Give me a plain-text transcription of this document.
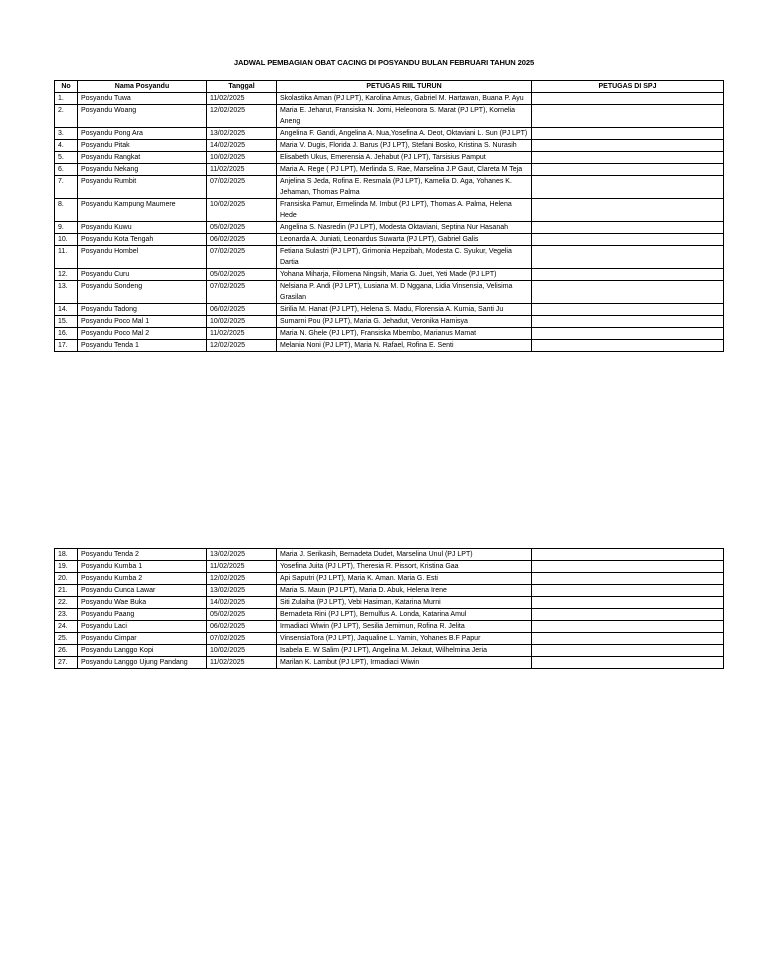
JADWAL PEMBAGIAN OBAT CACING DI POSYANDU BULAN FEBRUARI TAHUN 2025
No	Nama Posyandu	Tanggal	PETUGAS RIIL TURUN	PETUGAS DI SPJ
1.	Posyandu Tuwa	11/02/2025	Skolastika Aman (PJ LPT), Karolina Amus, Gabriel M. Hartawan, Buana P. Ayu	
2.	Posyandu Woang	12/02/2025	Maria E. Jeharut, Fransiska N. Jomi, Heleonora S. Marat (PJ LPT), Kornelia Aneng	
3.	Posyandu Pong Ara	13/02/2025	Angelina F. Gandi, Angelina A. Nua,Yosefina A. Deot, Oktaviani L. Sun (PJ LPT)	
4.	Posyandu Pitak	14/02/2025	Maria V. Dugis, Florida J. Barus (PJ LPT), Stefani Bosko, Kristina S. Nurasih	
5.	Posyandu Rangkat	10/02/2025	Elisabeth Ukus, Emerensia A. Jehabut (PJ LPT), Tarsisius Pamput	
6.	Posyandu Nekang	11/02/2025	Maria A. Rege ( PJ LPT), Merlinda S. Rae, Marselina J.P Gaut, Clareta M Teja	
7.	Posyandu Rumbit	07/02/2025	Anjelina S Jeda, Rofina E. Resmala (PJ LPT), Kamelia D. Aga, Yohanes K. Jehaman, Thomas Palma	
8.	Posyandu Kampung Maumere	10/02/2025	Fransiska Pamur, Ermelinda M. Imbut (PJ LPT), Thomas A. Palma, Helena Hede	
9.	Posyandu Kuwu	05/02/2025	Angelina S. Nasredin (PJ LPT), Modesta Oktaviani, Septina Nur Hasanah	
10.	Posyandu Kota Tengah	06/02/2025	Leonarda A. Juniati, Leonardus Suwarta (PJ LPT), Gabriel Galis	
11.	Posyandu Hombel	07/02/2025	Fetiana Sulastri (PJ LPT), Grimonia Hepzibah, Modesta C. Syukur, Vegelia Dartia	
12.	Posyandu Curu	05/02/2025	Yohana Miharja, Filomena Ningsih, Maria G. Juet, Yeti Made (PJ LPT)	
13.	Posyandu Sondeng	07/02/2025	Nelsiana P. Andi (PJ LPT), Lusiana M. D Nggana, Lidia Vinsensia, Velisima Grasilan	
14.	Posyandu Tadong	06/02/2025	Sirilia M. Hanat (PJ LPT), Helena S. Madu, Florensia A. Kurnia, Santi Ju	
15.	Posyandu Poco Mal 1	10/02/2025	Sumarni Pou (PJ LPT), Maria G. Jehadut, Veronika Hamisya	
16.	Posyandu Poco Mal 2	11/02/2025	Maria N. Ghele (PJ LPT), Fransiska Mbembo, Marianus Mamat	
17.	Posyandu Tenda 1	12/02/2025	Melania Noni (PJ LPT), Maria N. Rafael, Rofina E. Senti	
18.	Posyandu Tenda 2	13/02/2025	Maria J. Serikasih, Bernadeta Dudet, Marselina Unul (PJ LPT)	
19.	Posyandu Kumba 1	11/02/2025	Yosefina Juita (PJ LPT), Theresia R. Pissort, Kristina Gaa	
20.	Posyandu Kumba 2	12/02/2025	Api Saputri (PJ LPT), Maria K. Aman. Maria G. Esti	
21.	Posyandu Cunca Lawar	13/02/2025	Maria S. Maun (PJ LPT), Maria D. Abuk, Helena Irene	
22.	Posyandu Wae Buka	14/02/2025	Siti Zulaiha (PJ LPT), Vebi Hasiman, Katarina Murni	
23.	Posyandu Paang	05/02/2025	Bernadeta Rini (PJ LPT), Bernulfus A. Londa, Katarina Amul	
24.	Posyandu Laci	06/02/2025	Irmadiaci Wiwin (PJ LPT), Sesilia Jemimun, Rofina R. Jelita	
25.	Posyandu Cimpar	07/02/2025	VinsensiaTora (PJ LPT), Jaqualine L. Yamin, Yohanes B.F Papur	
26.	Posyandu Langgo Kopi	10/02/2025	Isabela E. W Salim (PJ LPT), Angelina M. Jekaut, Wilhelmina Jeria	
27.	Posyandu Langgo Ujung Pandang	11/02/2025	Marilan K. Lambut (PJ LPT), Irmadiaci Wiwin	
